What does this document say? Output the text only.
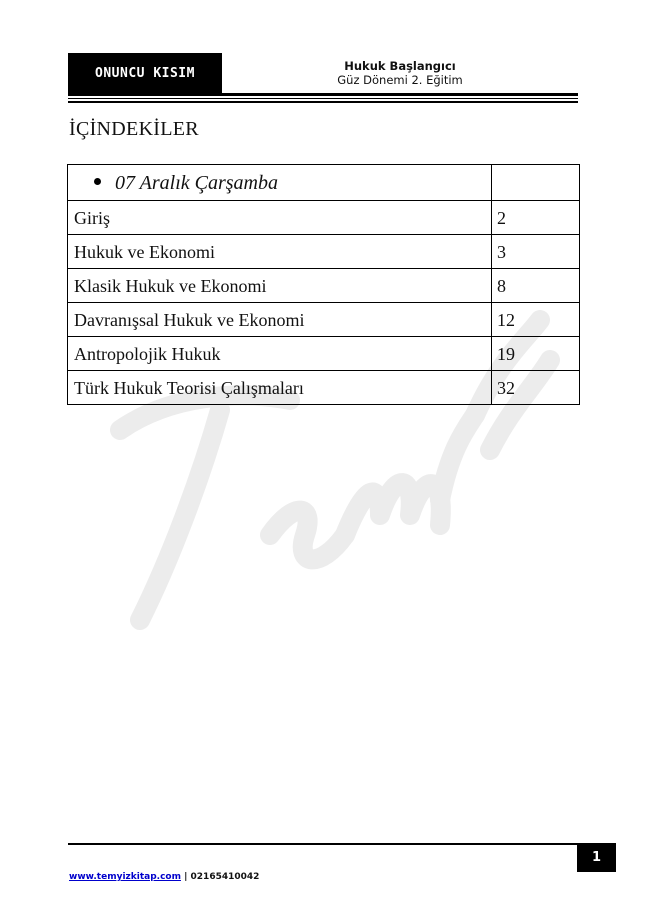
ONUNCU KISIM	Hukuk Başlangıcı
Güz Dönemi 2. Eğitim
İÇİNDEKİLER
07 Aralık Çarşamba	
Giriş	2
Hukuk ve Ekonomi	3
Klasik Hukuk ve Ekonomi	8
Davranışsal Hukuk ve Ekonomi	12
Antropolojik Hukuk	19
Türk Hukuk Teorisi Çalışmaları	32
1
www.temyizkitap.com | 02165410042
